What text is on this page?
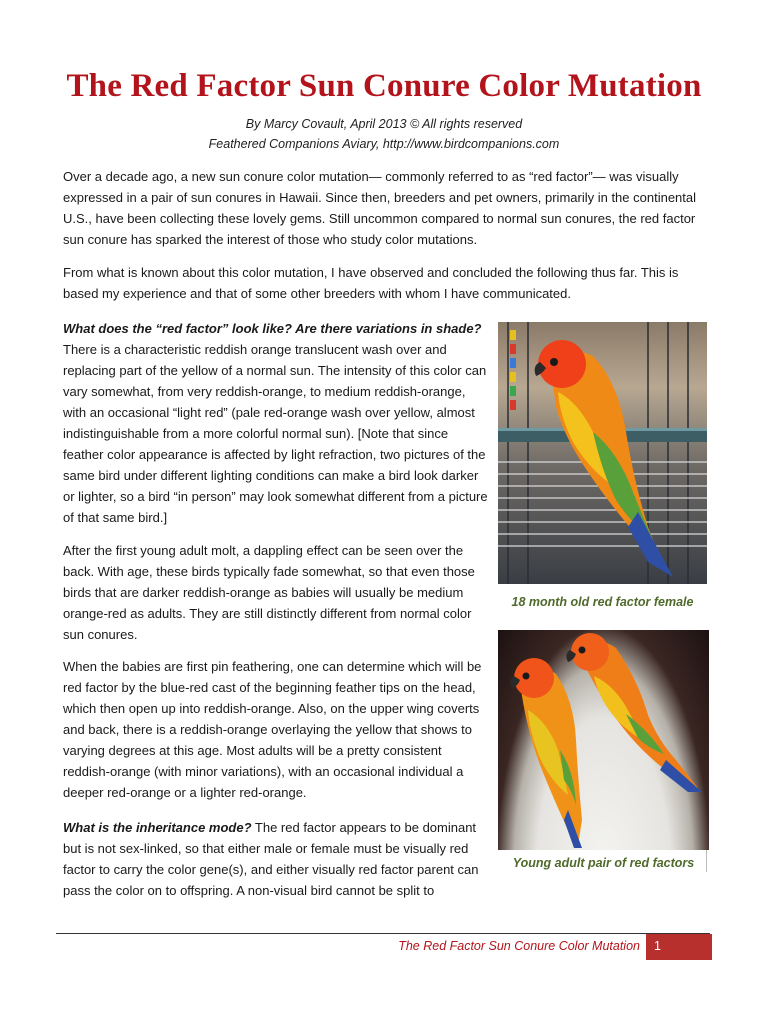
The Red Factor Sun Conure Color Mutation
By Marcy Covault, April 2013 © All rights reserved
Feathered Companions Aviary, http://www.birdcompanions.com

Over a decade ago, a new sun conure color mutation— commonly referred to as “red factor”— was visually expressed in a pair of sun conures in Hawaii. Since then, breeders and pet owners, primarily in the continental U.S., have been collecting these lovely gems. Still uncommon compared to normal sun conures, the red factor sun conure has sparked the interest of those who study color mutations.

From what is known about this color mutation, I have observed and concluded the following thus far. This is based my experience and that of some other breeders with whom I have communicated.

What does the “red factor” look like? Are there variations in shade?
There is a characteristic reddish orange translucent wash over and replacing part of the yellow of a normal sun. The intensity of this color can vary somewhat, from very reddish-orange, to medium reddish-orange, with an occasional “light red” (pale red-orange wash over yellow, almost indistinguishable from a more colorful normal sun). [Note that since feather color appearance is affected by light refraction, two pictures of the same bird under different lighting conditions can make a bird look darker or lighter, so a bird “in person” may look somewhat different from a picture of that same bird.]

After the first young adult molt, a dappling effect can be seen over the back. With age, these birds typically fade somewhat, so that even those birds that are darker reddish-orange as babies will usually be medium orange-red as adults. They are still distinctly different from normal color sun conures.

When the babies are first pin feathering, one can determine which will be red factor by the blue-red cast of the beginning feather tips on the head, which then open up into reddish-orange. Also, on the upper wing coverts and back, there is a reddish-orange overlaying the yellow that shows to varying degrees at this age. Most adults will be a pretty consistent reddish-orange (with minor variations), with an occasional individual a deeper red-orange or a lighter red-orange.

What is the inheritance mode? The red factor appears to be dominant but is not sex-linked, so that either male or female must be visually red factor to carry the color gene(s), and either visually red factor parent can pass the color on to offspring. A non-visual bird cannot be split to

18 month old red factor female
Young adult pair of red factors
The Red Factor Sun Conure Color Mutation 1
